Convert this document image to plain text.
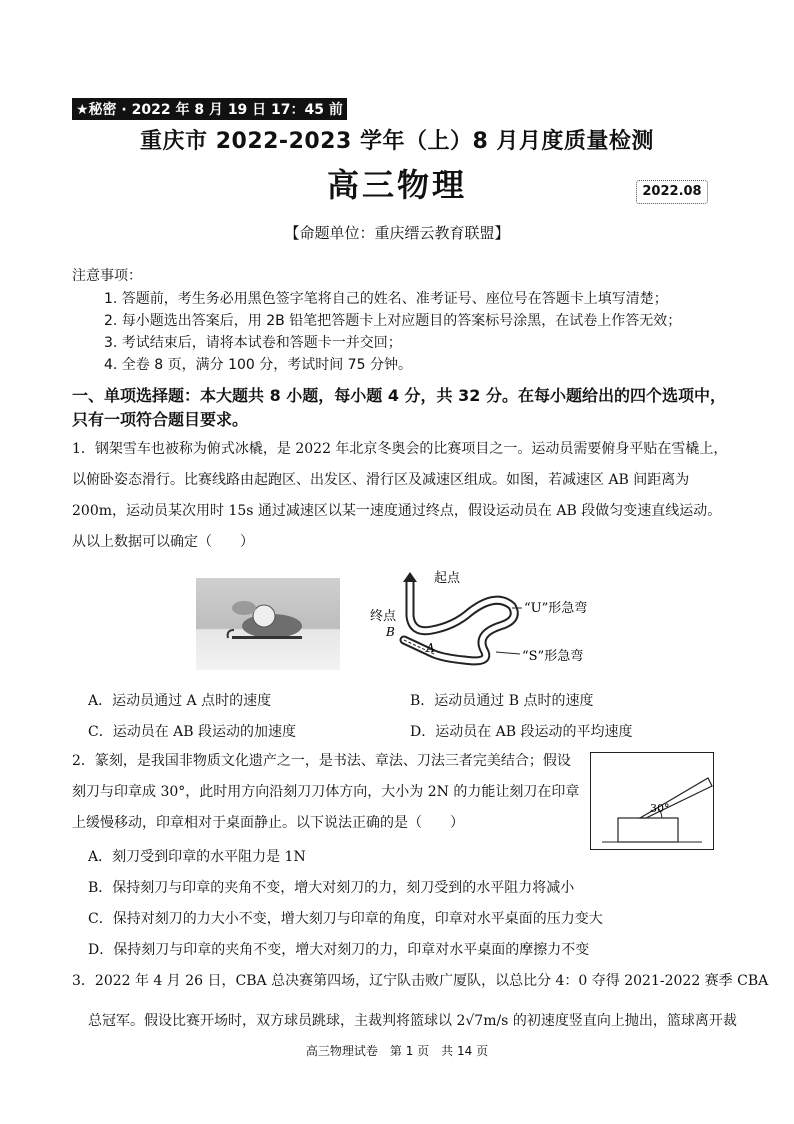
★秘密 · 2022 年 8 月 19 日 17：45 前
重庆市 2022-2023 学年（上）8 月月度质量检测
高三物理	2022.08
【命题单位：重庆缙云教育联盟】
注意事项：
1. 答题前，考生务必用黑色签字笔将自己的姓名、准考证号、座位号在答题卡上填写清楚；
2. 每小题选出答案后，用 2B 铅笔把答题卡上对应题目的答案标号涂黑，在试卷上作答无效；
3. 考试结束后，请将本试卷和答题卡一并交回；
4. 全卷 8 页，满分 100 分，考试时间 75 分钟。
一、单项选择题：本大题共 8 小题，每小题 4 分，共 32 分。在每小题给出的四个选项中，只有一项符合题目要求。
1．钢架雪车也被称为俯式冰橇，是 2022 年北京冬奥会的比赛项目之一。运动员需要俯身平贴在雪橇上，以俯卧姿态滑行。比赛线路由起跑区、出发区、滑行区及减速区组成。如图，若减速区 AB 间距离为 200m，运动员某次用时 15s 通过减速区以某一速度通过终点，假设运动员在 AB 段做匀变速直线运动。从以上数据可以确定（　　）
起点
终点
B
A
“U”形急弯
“S”形急弯
A．运动员通过 A 点时的速度	B．运动员通过 B 点时的速度
C．运动员在 AB 段运动的加速度	D．运动员在 AB 段运动的平均速度
2．篆刻，是我国非物质文化遗产之一，是书法、章法、刀法三者完美结合；假设刻刀与印章成 30°，此时用方向沿刻刀刀体方向，大小为 2N 的力能让刻刀在印章上缓慢移动，印章相对于桌面静止。以下说法正确的是（　　）
30°
A．刻刀受到印章的水平阻力是 1N
B．保持刻刀与印章的夹角不变，增大对刻刀的力，刻刀受到的水平阻力将减小
C．保持对刻刀的力大小不变，增大刻刀与印章的角度，印章对水平桌面的压力变大
D．保持刻刀与印章的夹角不变，增大对刻刀的力，印章对水平桌面的摩擦力不变
3．2022 年 4 月 26 日，CBA 总决赛第四场，辽宁队击败广厦队，以总比分 4：0 夺得 2021-2022 赛季 CBA
总冠军。假设比赛开场时，双方球员跳球，主裁判将篮球以 2√7m/s 的初速度竖直向上抛出，篮球离开裁
高三物理试卷　第 1 页　共 14 页
